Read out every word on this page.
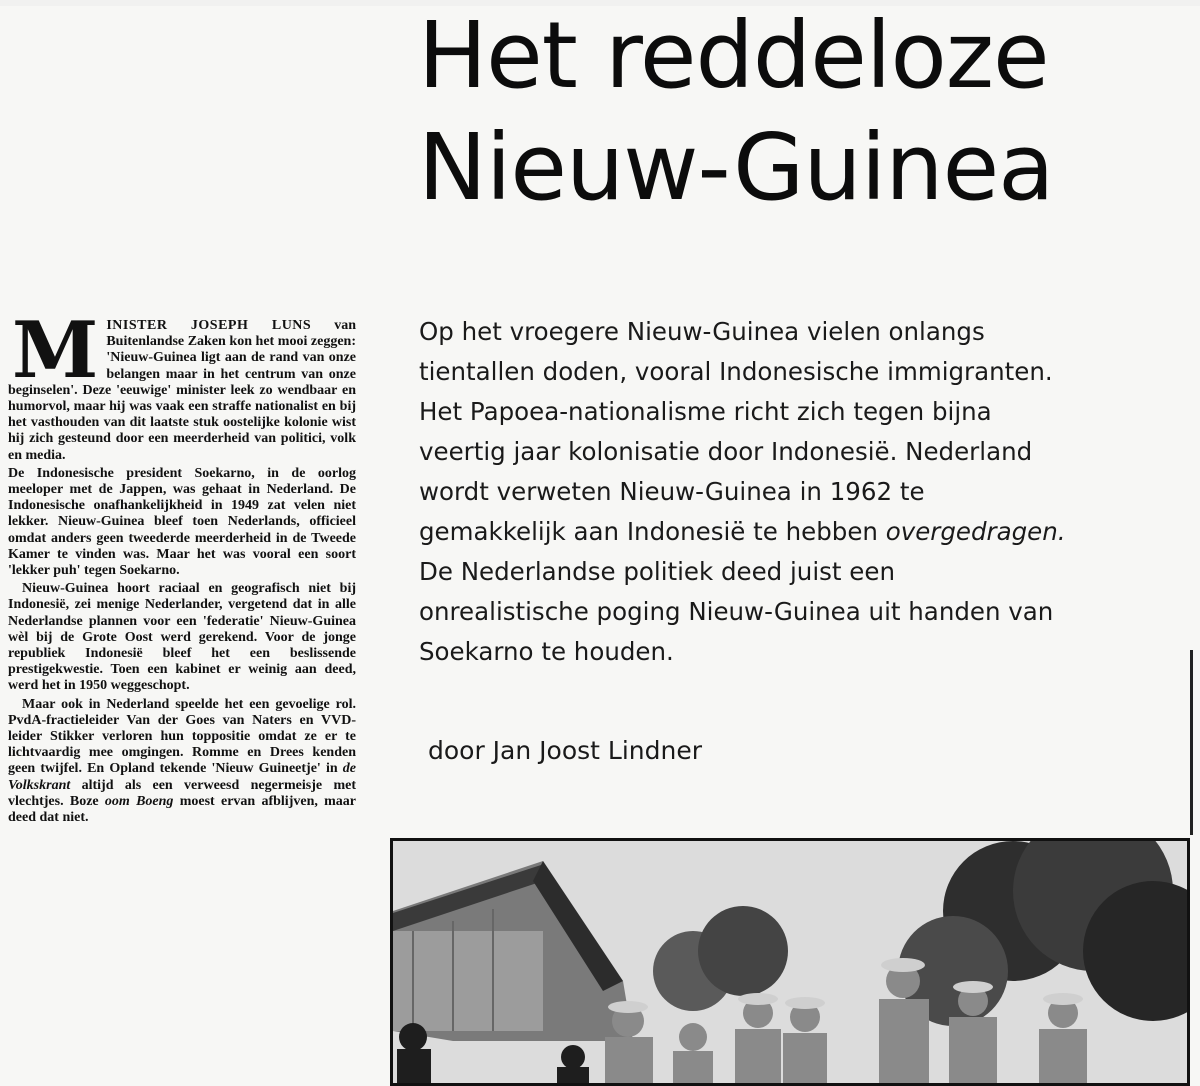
Het reddeloze
Nieuw-Guinea
Op het vroegere Nieuw-Guinea vielen onlangs
tientallen doden, vooral Indonesische immigranten.
Het Papoea-nationalisme richt zich tegen bijna
veertig jaar kolonisatie door Indonesië. Nederland
wordt verweten Nieuw-Guinea in 1962 te
gemakkelijk aan Indonesië te hebben overgedragen.
De Nederlandse politiek deed juist een
onrealistische poging Nieuw-Guinea uit handen van
Soekarno te houden.
door Jan Joost Lindner

MINISTER JOSEPH LUNS van Buitenlandse Zaken kon het mooi zeggen: 'Nieuw-Guinea ligt aan de rand van onze belangen maar in het centrum van onze beginselen'. Deze 'eeuwige' minister leek zo wendbaar en humorvol, maar hij was vaak een straffe nationalist en bij het vasthouden van dit laatste stuk oostelijke kolonie wist hij zich gesteund door een meerderheid van politici, volk en media.

De Indonesische president Soekarno, in de oorlog meeloper met de Jappen, was gehaat in Nederland. De Indonesische onafhankelijkheid in 1949 zat velen niet lekker. Nieuw-Guinea bleef toen Nederlands, officieel omdat anders geen tweederde meerderheid in de Tweede Kamer te vinden was. Maar het was vooral een soort 'lekker puh' tegen Soekarno.

Nieuw-Guinea hoort raciaal en geografisch niet bij Indonesië, zei menige Nederlander, vergetend dat in alle Nederlandse plannen voor een 'federatie' Nieuw-Guinea wèl bij de Grote Oost werd gerekend. Voor de jonge republiek Indonesië bleef het een beslissende prestigekwestie. Toen een kabinet er weinig aan deed, werd het in 1950 weggeschopt.

Maar ook in Nederland speelde het een gevoelige rol. PvdA-fractieleider Van der Goes van Naters en VVD-leider Stikker verloren hun toppositie omdat ze er te lichtvaardig mee omgingen. Romme en Drees kenden geen twijfel. En Opland tekende 'Nieuw Guineetje' in de Volkskrant altijd als een verweesd negermeisje met vlechtjes. Boze oom Boeng moest ervan afblijven, maar deed dat niet.
